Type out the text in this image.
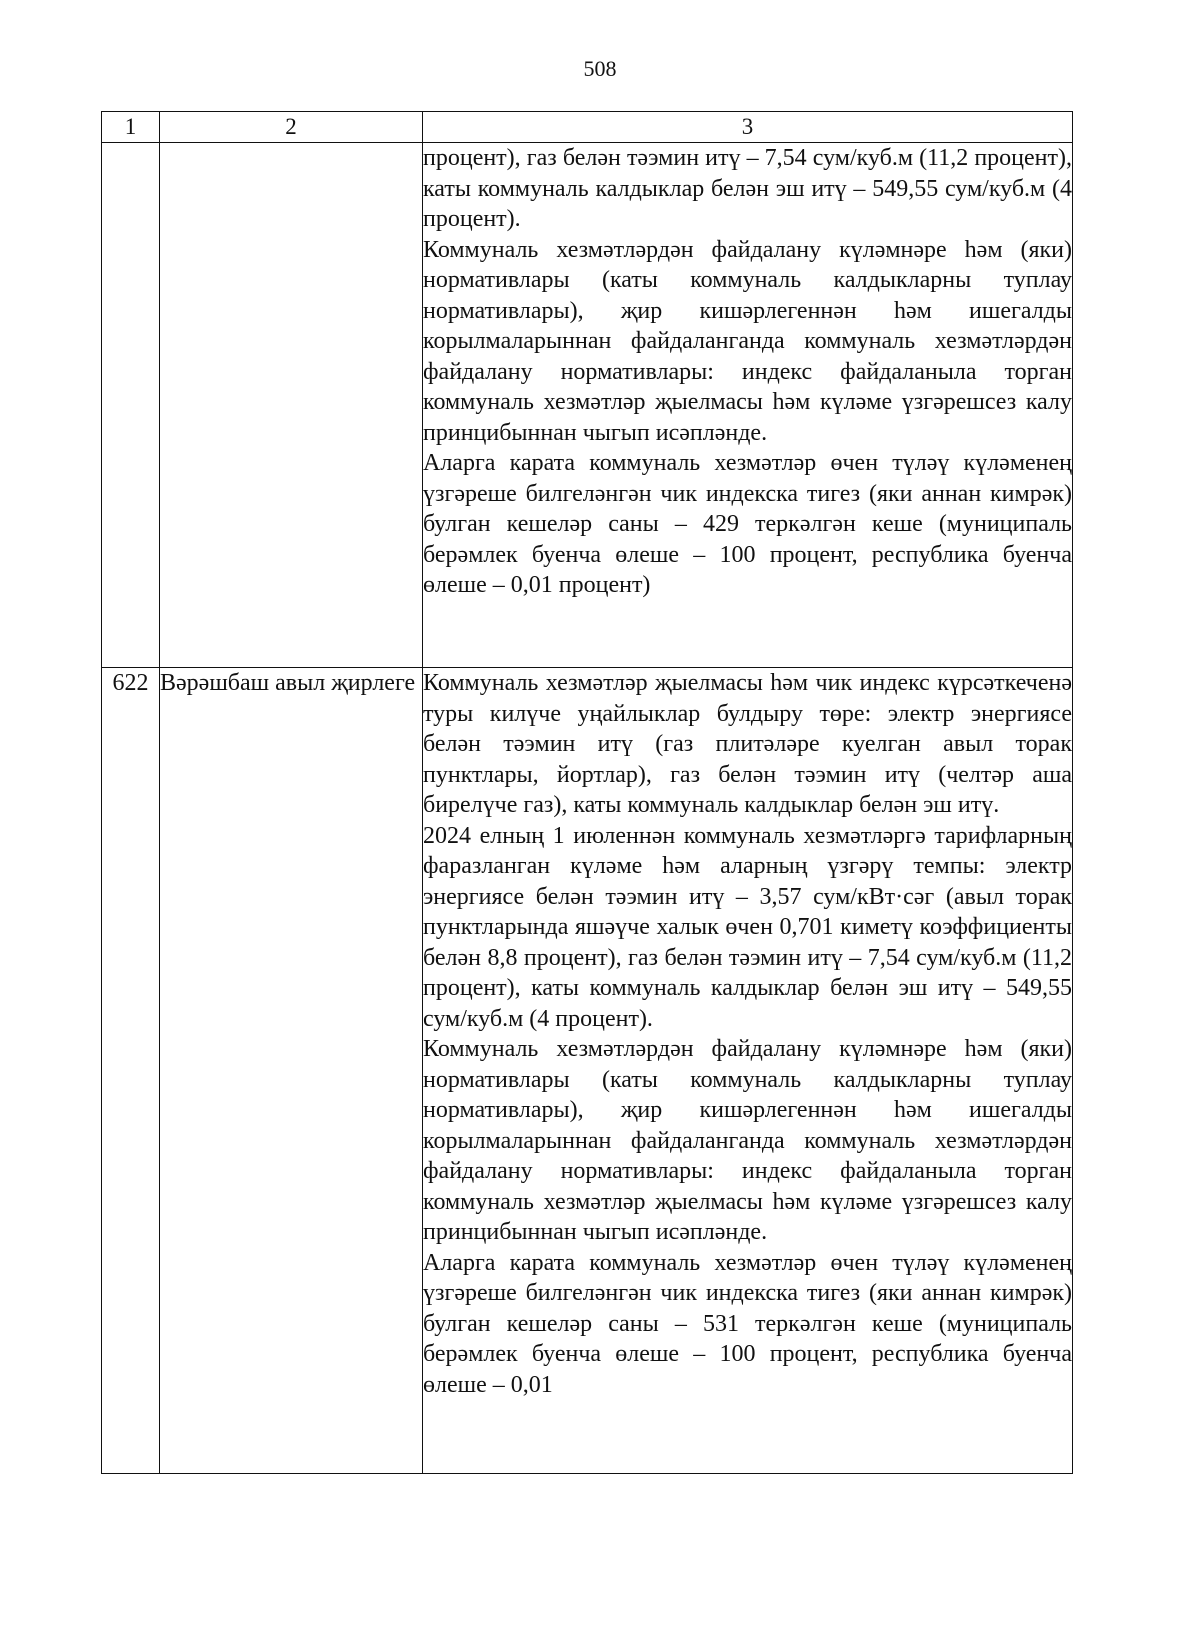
508
1	2	3

		процент), газ белән тәэмин итү – 7,54 сум/куб.м (11,2 процент), каты коммуналь калдыклар белән эш итү – 549,55 сум/куб.м (4 процент).

Коммуналь хезмәтләрдән файдалану күләмнәре һәм (яки) нормативлары (каты коммуналь калдыкларны туплау нормативлары), җир кишәрлегеннән һәм ишегалды корылмаларыннан файдаланганда коммуналь хезмәтләрдән файдалану нормативлары: индекс файдаланыла торган коммуналь хезмәтләр җыелмасы һәм күләме үзгәрешсез калу принцибыннан чыгып исәпләнде.

Аларга карата коммуналь хезмәтләр өчен түләү күләменең үзгәреше билгеләнгән чик индекска тигез (яки аннан кимрәк) булган кешеләр саны – 429 теркәлгән кеше (муниципаль берәмлек буенча өлеше – 100 процент, республика буенча өлеше – 0,01 процент)

622	Вәрәшбаш авыл җирлеге	Коммуналь хезмәтләр җыелмасы һәм чик индекс күрсәткеченә туры килүче уңайлыклар булдыру төре: электр энергиясе белән тәэмин итү (газ плитәләре куелган авыл торак пунктлары, йортлар), газ белән тәэмин итү (челтәр аша бирелүче газ), каты коммуналь калдыклар белән эш итү.

2024 елның 1 июленнән коммуналь хезмәтләргә тарифларның фаразланган күләме һәм аларның үзгәрү темпы: электр энергиясе белән тәэмин итү – 3,57 сум/кВт·сәг (авыл торак пунктларында яшәүче халык өчен 0,701 киметү коэффициенты белән 8,8 процент), газ белән тәэмин итү – 7,54 сум/куб.м (11,2 процент), каты коммуналь калдыклар белән эш итү – 549,55 сум/куб.м (4 процент).

Коммуналь хезмәтләрдән файдалану күләмнәре һәм (яки) нормативлары (каты коммуналь калдыкларны туплау нормативлары), җир кишәрлегеннән һәм ишегалды корылмаларыннан файдаланганда коммуналь хезмәтләрдән файдалану нормативлары: индекс файдаланыла торган коммуналь хезмәтләр җыелмасы һәм күләме үзгәрешсез калу принцибыннан чыгып исәпләнде.

Аларга карата коммуналь хезмәтләр өчен түләү күләменең үзгәреше билгеләнгән чик индекска тигез (яки аннан кимрәк) булган кешеләр саны – 531 теркәлгән кеше (муниципаль берәмлек буенча өлеше – 100 процент, республика буенча өлеше – 0,01
